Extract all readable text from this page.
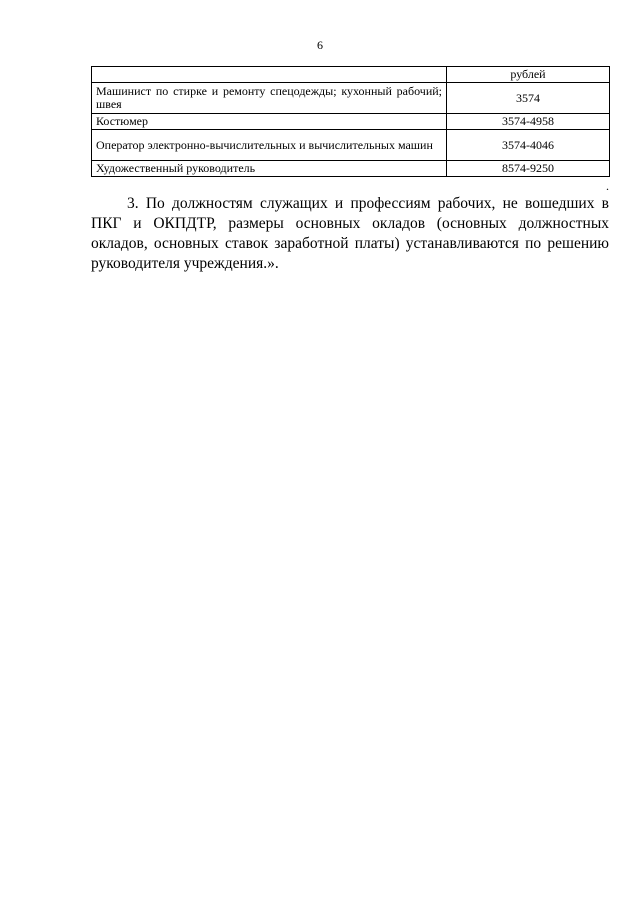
6
	рублей
Машинист по стирке и ремонту спецодежды; кухонный рабочий; швея	3574
Костюмер	3574-4958
Оператор электронно-вычислительных и вычислительных машин	3574-4046
Художественный руководитель	8574-9250
.

3. По должностям служащих и профессиям рабочих, не вошедших в ПКГ и ОКПДТР, размеры основных окладов (основных должностных окладов, основных ставок заработной платы) устанавливаются по решению руководителя учреждения.».
